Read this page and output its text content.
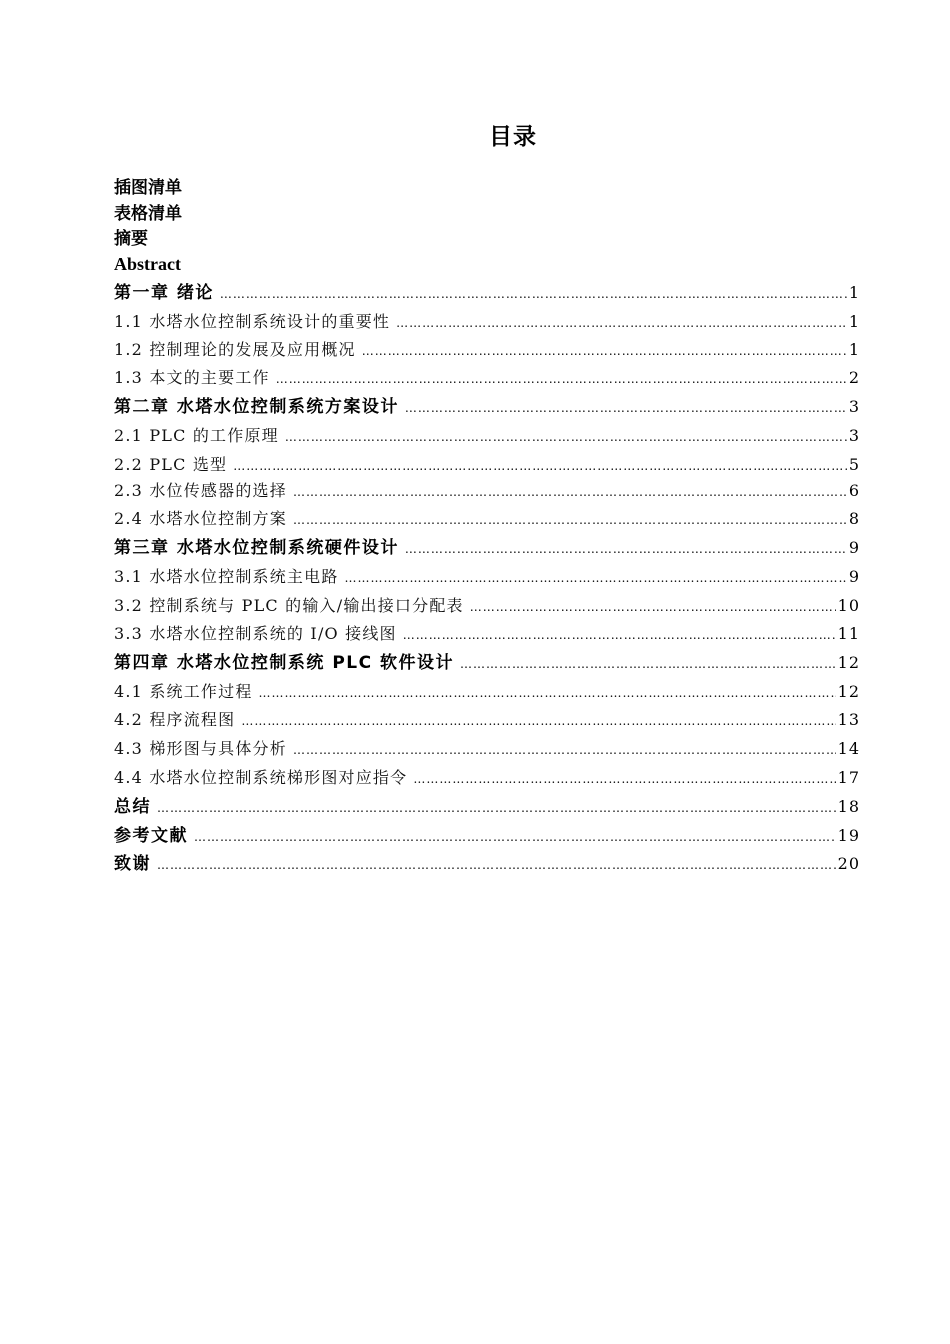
目录
插图清单
表格清单
摘要
Abstract
第一章 绪论 ……………………………………………………………………………………………………………………………………………………………………………………………………………………………………………………………………………	1
1.1 水塔水位控制系统设计的重要性 ……………………………………………………………………………………………………………………………………………………………………………………………………………………………………………………………………………	1
1.2 控制理论的发展及应用概况 ……………………………………………………………………………………………………………………………………………………………………………………………………………………………………………………………………………	1
1.3 本文的主要工作 ……………………………………………………………………………………………………………………………………………………………………………………………………………………………………………………………………………	2
第二章 水塔水位控制系统方案设计 ……………………………………………………………………………………………………………………………………………………………………………………………………………………………………………………………………………	3
2.1 PLC 的工作原理 ……………………………………………………………………………………………………………………………………………………………………………………………………………………………………………………………………………	3
2.2 PLC 选型 ……………………………………………………………………………………………………………………………………………………………………………………………………………………………………………………………………………	5
2.3 水位传感器的选择 ……………………………………………………………………………………………………………………………………………………………………………………………………………………………………………………………………………	6
2.4 水塔水位控制方案 ……………………………………………………………………………………………………………………………………………………………………………………………………………………………………………………………………………	8
第三章 水塔水位控制系统硬件设计 ……………………………………………………………………………………………………………………………………………………………………………………………………………………………………………………………………………	9
3.1 水塔水位控制系统主电路 ……………………………………………………………………………………………………………………………………………………………………………………………………………………………………………………………………………	9
3.2 控制系统与 PLC 的输入/输出接口分配表 ……………………………………………………………………………………………………………………………………………………………………………………………………………………………………………………………………………	10
3.3 水塔水位控制系统的 I/O 接线图 ……………………………………………………………………………………………………………………………………………………………………………………………………………………………………………………………………………	11
第四章 水塔水位控制系统 PLC 软件设计 ……………………………………………………………………………………………………………………………………………………………………………………………………………………………………………………………………………	12
4.1 系统工作过程 ……………………………………………………………………………………………………………………………………………………………………………………………………………………………………………………………………………	12
4.2 程序流程图 ……………………………………………………………………………………………………………………………………………………………………………………………………………………………………………………………………………	13
4.3 梯形图与具体分析 ……………………………………………………………………………………………………………………………………………………………………………………………………………………………………………………………………………	14
4.4 水塔水位控制系统梯形图对应指令 ……………………………………………………………………………………………………………………………………………………………………………………………………………………………………………………………………………	17
总结 ……………………………………………………………………………………………………………………………………………………………………………………………………………………………………………………………………………	18
参考文献 ……………………………………………………………………………………………………………………………………………………………………………………………………………………………………………………………………………	19
致谢 ……………………………………………………………………………………………………………………………………………………………………………………………………………………………………………………………………………	20
